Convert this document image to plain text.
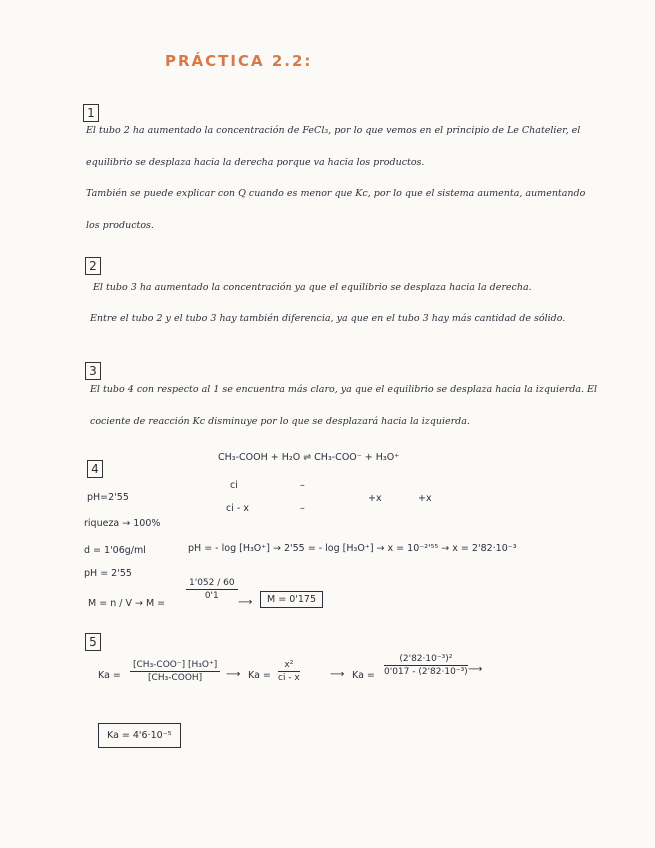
PRÁCTICA 2.2:
1
El tubo 2 ha aumentado la concentración de FeCl₃, por lo que vemos en el principio de Le Chatelier, el
equilibrio se desplaza hacia la derecha porque va hacia los productos.
También se puede explicar con Q cuando es menor que Kc, por lo que el sistema aumenta, aumentando
los productos.
2
El tubo 3 ha aumentado la concentración ya que el equilibrio se desplaza hacia la derecha.
Entre el tubo 2 y el tubo 3 hay también diferencia, ya que en el tubo 3 hay más cantidad de sólido.
3
El tubo 4 con respecto al 1 se encuentra más claro, ya que el equilibrio se desplaza hacia la izquierda. El
cociente de reacción Kc disminuye por lo que se desplazará hacia la izquierda.
4
CH₃-COOH + H₂O ⇌ CH₃-COO⁻ + H₃O⁺
ci	–
ci - x	–
+x	+x
pH=2'55
riqueza → 100%
d = 1'06g/ml
pH = 2'55
pH = - log [H₃O⁺] → 2'55 = - log [H₃O⁺] → x = 10⁻²'⁵⁵ → x = 2'82·10⁻³
M = n / V → M =
$\frac{1'052 / 60}{0'1}$
⟶	M = 0'175
5
Ka =
[CH₃-COO⁻] [H₃O⁺]
[CH₃-COOH]	⟶ $Ka = \frac{\text{x²}}{ci - x}$	⟶ $Ka = \frac{\text{(2'82·10⁻³)²}}{\text{0'017 - (2'82·10⁻³)}}$ ⟶
Ka = 4'6·10⁻⁵
